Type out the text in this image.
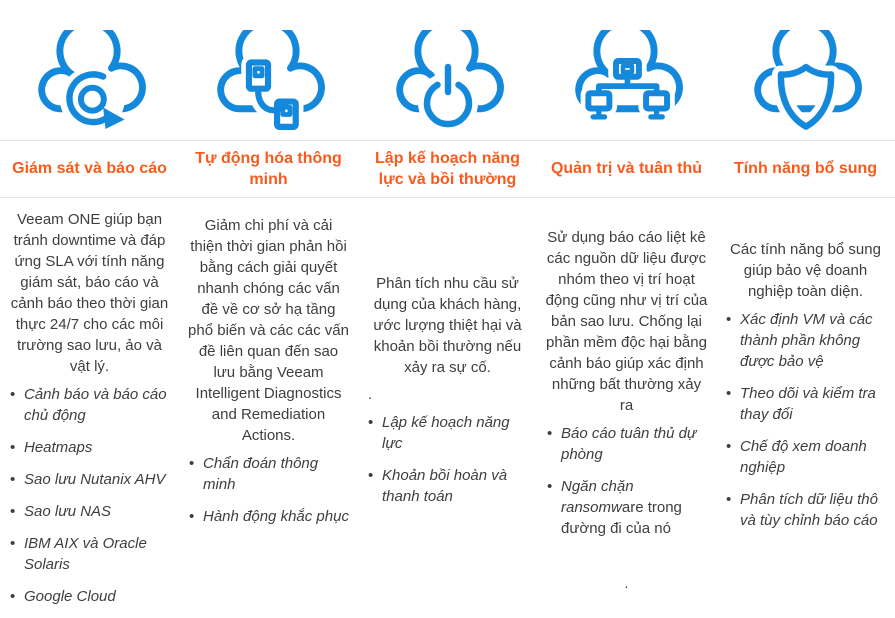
Giám sát và báo cáo

Veeam ONE giúp bạn tránh downtime và đáp ứng SLA với tính năng giám sát, báo cáo và cảnh báo theo thời gian thực 24/7 cho các môi trường sao lưu, ảo và vật lý.

• Cảnh báo và báo cáo chủ động
• Heatmaps
• Sao lưu Nutanix AHV
• Sao lưu NAS
• IBM AIX và Oracle Solaris
• Google Cloud
Tự động hóa thông minh

Giảm chi phí và cải thiện thời gian phản hồi bằng cách giải quyết nhanh chóng các vấn đề về cơ sở hạ tầng phổ biến và các các vấn đề liên quan đến sao lưu bằng Veeam Intelligent Diagnostics and Remediation Actions.

• Chẩn đoán thông minh
• Hành động khắc phục
Lập kế hoạch năng lực và bồi thường

Phân tích nhu cầu sử dụng của khách hàng, ước lượng thiệt hại và khoản bồi thường nếu xảy ra sự cố.

.

• Lập kế hoạch năng lực
• Khoản bồi hoàn và thanh toán
Quản trị và tuân thủ

Sử dụng báo cáo liệt kê các nguồn dữ liệu được nhóm theo vị trí hoạt động cũng như vị trí của bản sao lưu. Chống lại phần mềm độc hại bằng cảnh báo giúp xác định những bất thường xảy ra

• Báo cáo tuân thủ dự phòng
• Ngăn chặn ransomware trong đường đi của nó

.

Tính năng bổ sung

Các tính năng bổ sung giúp bảo vệ doanh nghiệp toàn diện.

• Xác định VM và các thành phần không được bảo vệ
• Theo dõi và kiểm tra thay đổi
• Chế độ xem doanh nghiệp
• Phân tích dữ liệu thô và tùy chỉnh báo cáo
